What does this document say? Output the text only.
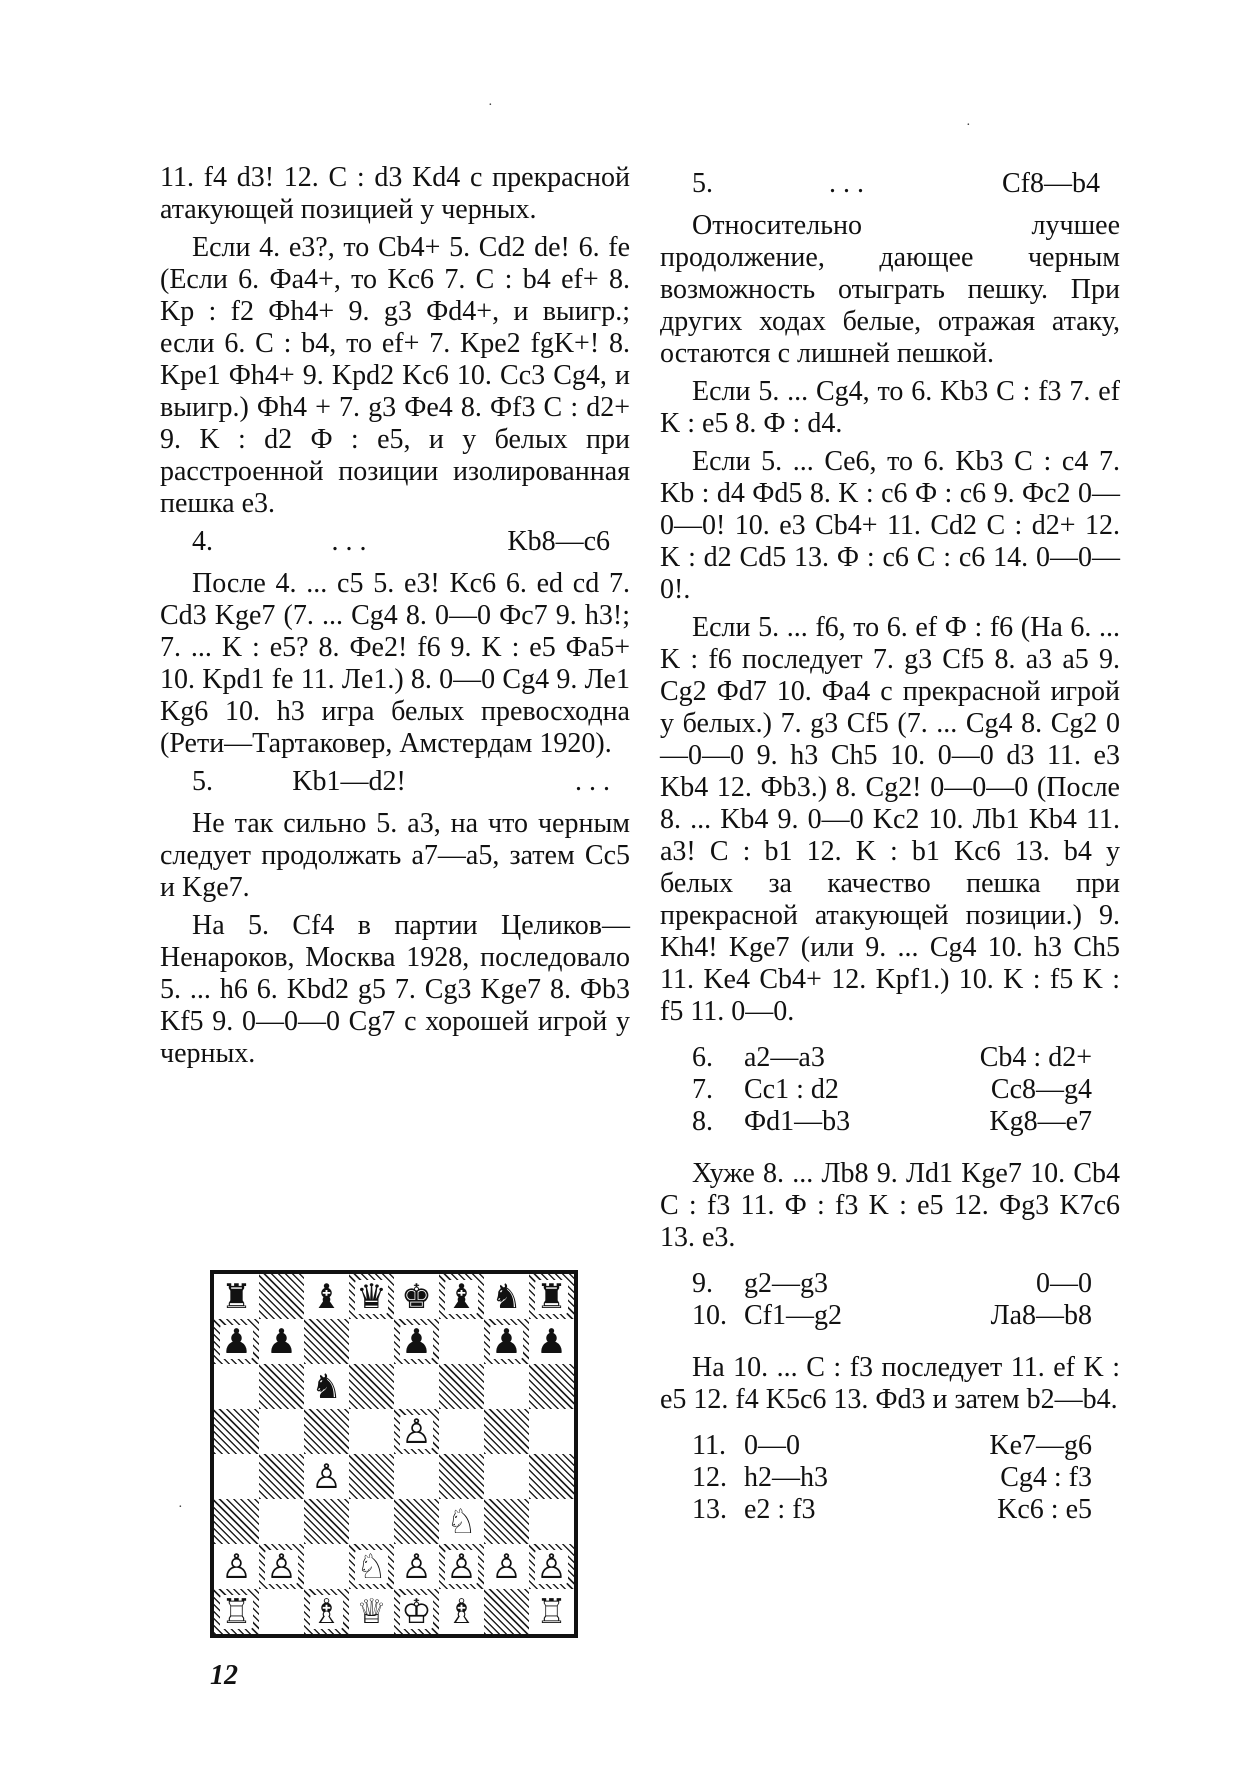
11. f4 d3! 12. C : d3 Kd4 с прекрасной атакующей позицией у черных.

Если 4. e3?, то Cb4+ 5. Cd2 de! 6. fe (Если 6. Фa4+, то Kc6 7. C : b4 ef+ 8. Kp : f2 Фh4+ 9. g3 Фd4+, и выигр.; если 6. C : b4, то ef+ 7. Kpe2 fgK+! 8. Kpe1 Фh4+ 9. Kpd2 Kc6 10. Cc3 Cg4, и выигр.) Фh4 + 7. g3 Фe4 8. Фf3 C : d2+ 9. K : d2 Ф : e5, и у белых при расстроенной позиции изолированная пешка e3.

4.	. . .	Kb8—c6

После 4. ... c5 5. e3! Kc6 6. ed cd 7. Cd3 Kge7 (7. ... Cg4 8. 0—0 Фc7 9. h3!; 7. ... K : e5? 8. Фe2! f6 9. K : e5 Фa5+ 10. Kpd1 fe 11. Лe1.) 8. 0—0 Cg4 9. Лe1 Kg6 10. h3 игра белых превосходна (Рети—Тартаковер, Амстердам 1920).

5.	Kb1—d2!	. . .

Не так сильно 5. a3, на что черным следует продолжать a7—a5, затем Cc5 и Kge7.

На 5. Cf4 в партии Целиков—Ненароков, Москва 1928, последовало 5. ... h6 6. Kbd2 g5 7. Cg3 Kge7 8. Фb3 Kf5 9. 0—0—0 Cg7 с хорошей игрой у черных.

5.	. . .	Cf8—b4

Относительно лучшее продолжение, дающее черным возможность отыграть пешку. При других ходах белые, отражая атаку, остаются с лишней пешкой.

Если 5. ... Cg4, то 6. Kb3 C : f3 7. ef K : e5 8. Ф : d4.

Если 5. ... Ce6, то 6. Kb3 C : c4 7. Kb : d4 Фd5 8. K : c6 Ф : c6 9. Фc2 0—0—0! 10. e3 Cb4+ 11. Cd2 C : d2+ 12. K : d2 Cd5 13. Ф : c6 C : c6 14. 0—0—0!.

Если 5. ... f6, то 6. ef Ф : f6 (На 6. ... K : f6 последует 7. g3 Cf5 8. a3 a5 9. Cg2 Фd7 10. Фa4 с прекрасной игрой у белых.) 7. g3 Cf5 (7. ... Cg4 8. Cg2 0—0—0 9. h3 Ch5 10. 0—0 d3 11. e3 Kb4 12. Фb3.) 8. Cg2! 0—0—0 (После 8. ... Kb4 9. 0—0 Kc2 10. Лb1 Kb4 11. a3! C : b1 12. K : b1 Kc6 13. b4 у белых за качество пешка при прекрасной атакующей позиции.) 9. Kh4! Kge7 (или 9. ... Cg4 10. h3 Ch5 11. Ke4 Cb4+ 12. Kpf1.) 10. K : f5 K : f5 11. 0—0.

6.	a2—a3	Cb4 : d2+
7.	Cc1 : d2	Cc8—g4
8.	Фd1—b3	Kg8—e7

Хуже 8. ... Лb8 9. Лd1 Kge7 10. Cb4 C : f3 11. Ф : f3 K : e5 12. Фg3 K7c6 13. e3.

9.	g2—g3	0—0
10.	Cf1—g2	Лa8—b8

На 10. ... C : f3 последует 11. ef K : e5 12. f4 K5c6 13. Фd3 и затем b2—b4.

11.	0—0	Ke7—g6
12.	h2—h3	Cg4 : f3
13.	e2 : f3	Kc6 : e5
♜ ♝ ♛ ♚ ♝ ♞ ♜
♟ ♟	♟ ♟ ♟
♞
♙
♙
♘
♙ ♙ ♘ ♙ ♙ ♙ ♙
♖ ♗ ♕ ♔ ♗ ♖
12
·
·
·
